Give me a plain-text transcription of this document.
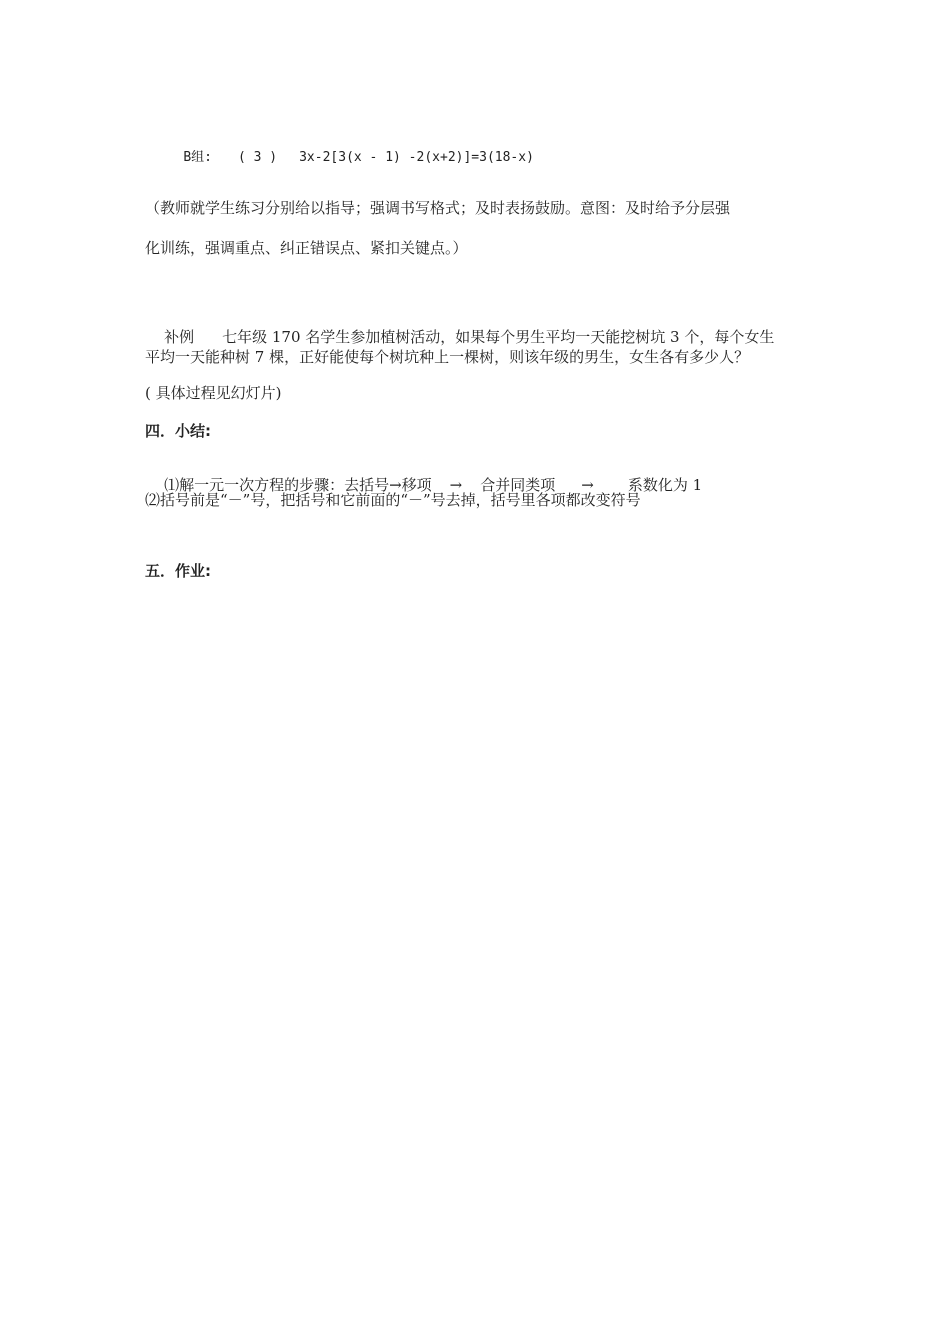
B组: ( 3 ) 3x-2[3(x - 1) -2(x+2)]=3(18-x)

（教师就学生练习分别给以指导；强调书写格式；及时表扬鼓励。意图：及时给予分层强
化训练，强调重点、纠正错误点、紧扣关键点。）

补例 七年级 170 名学生参加植树活动，如果每个男生平均一天能挖树坑 3 个，每个女生

平均一天能种树 7 棵，正好能使每个树坑种上一棵树，则该年级的男生，女生各有多少人？
( 具体过程见幻灯片)
四．小结:

⑴解一元一次方程的步骤：去括号→移项 → 合并同类项 → 系数化为 1

⑵括号前是“－”号，把括号和它前面的“－”号去掉，括号里各项都改变符号
五．作业:
